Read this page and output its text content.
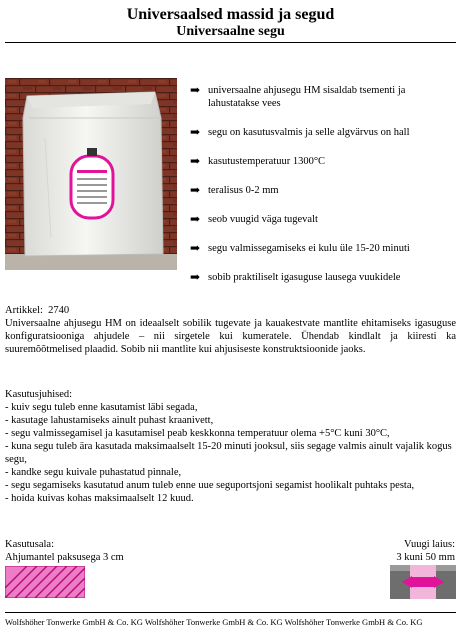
Universaalsed massid ja segud
Universaalne segu
➡ universaalne ahjusegu HM sisaldab tsementi ja lahustatakse vees
➡ segu on kasutusvalmis ja selle algvärvus on hall
➡ kasutustemperatuur 1300°C
➡ teralisus 0-2 mm
➡ seob vuugid väga tugevalt
➡ segu valmissegamiseks ei kulu üle 15-20 minuti
➡ sobib praktiliselt igasuguse lausega vuukidele
Artikkel: 2740
Universaalne ahjusegu HM on ideaalselt sobilik tugevate ja kauakestvate mantlite ehitamiseks igasuguse konfiguratsiooniga ahjudele – nii sirgetele kui kumeratele. Ühendab kindlalt ja kiiresti ka suuremõõtmelised plaadid. Sobib nii mantlite kui ahjusiseste konstruktsioonide jaoks.
Kasutusjuhised:
- kuiv segu tuleb enne kasutamist läbi segada,
- kasutage lahustamiseks ainult puhast kraanivett,
- segu valmissegamisel ja kasutamisel peab keskkonna temperatuur olema +5°C kuni 30°C,
- kuna segu tuleb ära kasutada maksimaalselt 15-20 minuti jooksul, siis segage valmis ainult vajalik kogus segu,
- kandke segu kuivale puhastatud pinnale,
- segu segamiseks kasutatud anum tuleb enne uue seguportsjoni segamist hoolikalt puhtaks pesta,
- hoida kuivas kohas maksimaalselt 12 kuud.
Kasutusala:
Ahjumantel paksusega 3 cm
Vuugi laius:
3 kuni 50 mm
Wolfshöher Tonwerke GmbH & Co. KG Wolfshöher Tonwerke GmbH & Co. KG Wolfshöher Tonwerke GmbH & Co. KG
